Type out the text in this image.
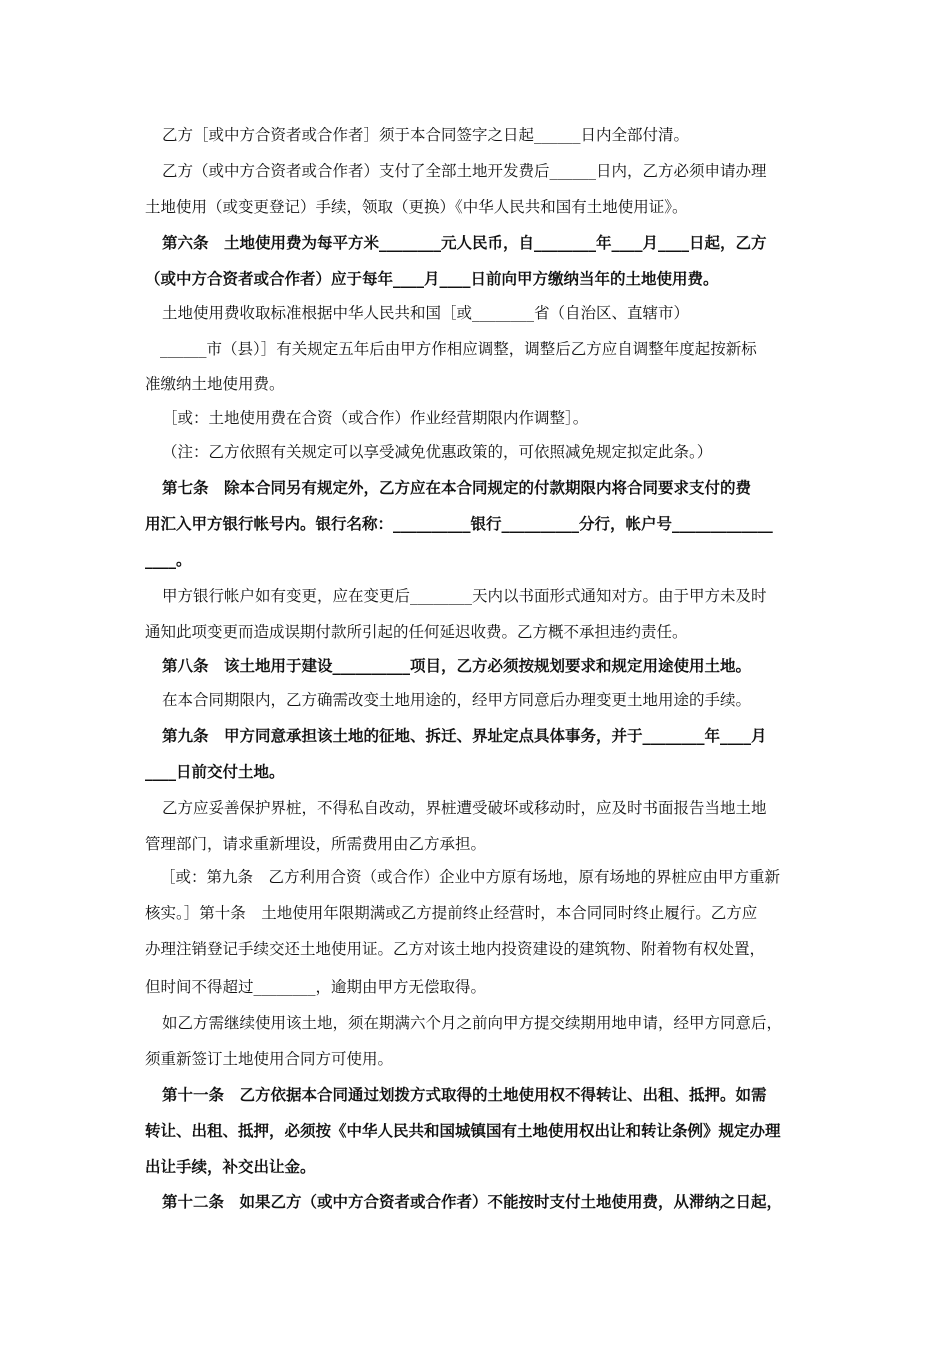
乙方［或中方合资者或合作者］须于本合同签字之日起______日内全部付清。
乙方（或中方合资者或合作者）支付了全部土地开发费后______日内，乙方必须申请办理
土地使用（或变更登记）手续，领取（更换）《中华人民共和国有土地使用证》。
第六条　土地使用费为每平方米________元人民币，自________年____月____日起，乙方
（或中方合资者或合作者）应于每年____月____日前向甲方缴纳当年的土地使用费。
土地使用费收取标准根据中华人民共和国［或________省（自治区、直辖市）
______市（县）］有关规定五年后由甲方作相应调整，调整后乙方应自调整年度起按新标
准缴纳土地使用费。
［或：土地使用费在合资（或合作）作业经营期限内作调整］。
（注：乙方依照有关规定可以享受减免优惠政策的，可依照减免规定拟定此条。）
第七条　除本合同另有规定外，乙方应在本合同规定的付款期限内将合同要求支付的费
用汇入甲方银行帐号内。银行名称：__________银行__________分行，帐户号_____________
____。
甲方银行帐户如有变更，应在变更后________天内以书面形式通知对方。由于甲方未及时
通知此项变更而造成误期付款所引起的任何延迟收费。乙方概不承担违约责任。
第八条　该土地用于建设__________项目，乙方必须按规划要求和规定用途使用土地。
在本合同期限内，乙方确需改变土地用途的，经甲方同意后办理变更土地用途的手续。
第九条　甲方同意承担该土地的征地、拆迁、界址定点具体事务，并于________年____月
____日前交付土地。
乙方应妥善保护界桩，不得私自改动，界桩遭受破坏或移动时，应及时书面报告当地土地
管理部门，请求重新埋设，所需费用由乙方承担。
［或：第九条　乙方利用合资（或合作）企业中方原有场地，原有场地的界桩应由甲方重新
核实。］第十条　土地使用年限期满或乙方提前终止经营时，本合同同时终止履行。乙方应
办理注销登记手续交还土地使用证。乙方对该土地内投资建设的建筑物、附着物有权处置，
但时间不得超过________，逾期由甲方无偿取得。
如乙方需继续使用该土地，须在期满六个月之前向甲方提交续期用地申请，经甲方同意后，
须重新签订土地使用合同方可使用。
第十一条　乙方依据本合同通过划拨方式取得的土地使用权不得转让、出租、抵押。如需
转让、出租、抵押，必须按《中华人民共和国城镇国有土地使用权出让和转让条例》规定办理
出让手续，补交出让金。
第十二条　如果乙方（或中方合资者或合作者）不能按时支付土地使用费，从滞纳之日起，
